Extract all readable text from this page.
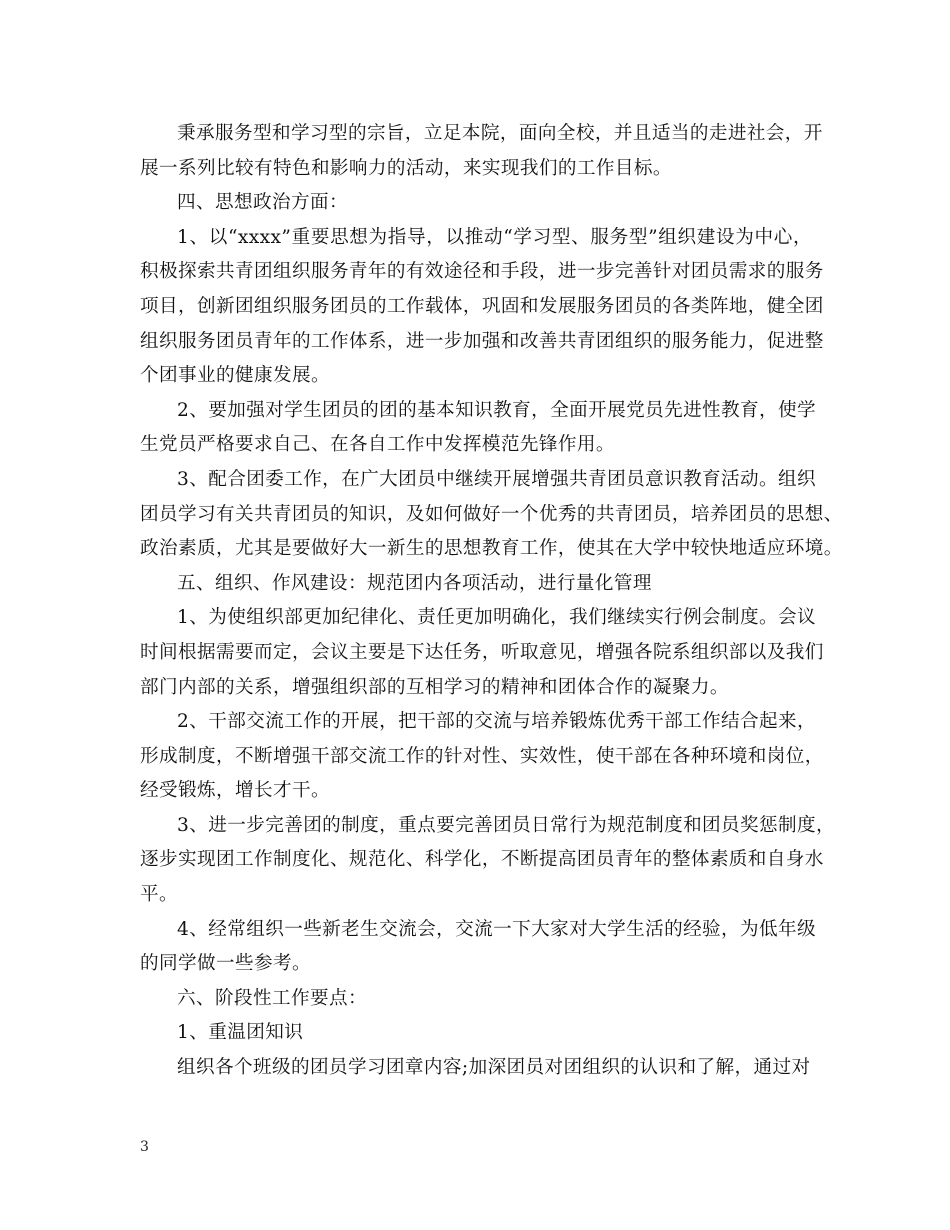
秉承服务型和学习型的宗旨，立足本院，面向全校，并且适当的走进社会，开
展一系列比较有特色和影响力的活动，来实现我们的工作目标。
四、思想政治方面：
1、以“xxxx”重要思想为指导，以推动“学习型、服务型”组织建设为中心，
积极探索共青团组织服务青年的有效途径和手段，进一步完善针对团员需求的服务
项目，创新团组织服务团员的工作载体，巩固和发展服务团员的各类阵地，健全团
组织服务团员青年的工作体系，进一步加强和改善共青团组织的服务能力，促进整
个团事业的健康发展。
2、要加强对学生团员的团的基本知识教育，全面开展党员先进性教育，使学
生党员严格要求自己、在各自工作中发挥模范先锋作用。
3、配合团委工作，在广大团员中继续开展增强共青团员意识教育活动。组织
团员学习有关共青团员的知识，及如何做好一个优秀的共青团员，培养团员的思想、
政治素质，尤其是要做好大一新生的思想教育工作，使其在大学中较快地适应环境。
五、组织、作风建设：规范团内各项活动，进行量化管理
1、为使组织部更加纪律化、责任更加明确化，我们继续实行例会制度。会议
时间根据需要而定，会议主要是下达任务，听取意见，增强各院系组织部以及我们
部门内部的关系，增强组织部的互相学习的精神和团体合作的凝聚力。
2、干部交流工作的开展，把干部的交流与培养锻炼优秀干部工作结合起来，
形成制度，不断增强干部交流工作的针对性、实效性，使干部在各种环境和岗位，
经受锻炼，增长才干。
3、进一步完善团的制度，重点要完善团员日常行为规范制度和团员奖惩制度，
逐步实现团工作制度化、规范化、科学化，不断提高团员青年的整体素质和自身水
平。
4、经常组织一些新老生交流会，交流一下大家对大学生活的经验，为低年级
的同学做一些参考。
六、阶段性工作要点：
1、重温团知识
组织各个班级的团员学习团章内容;加深团员对团组织的认识和了解，通过对
3
